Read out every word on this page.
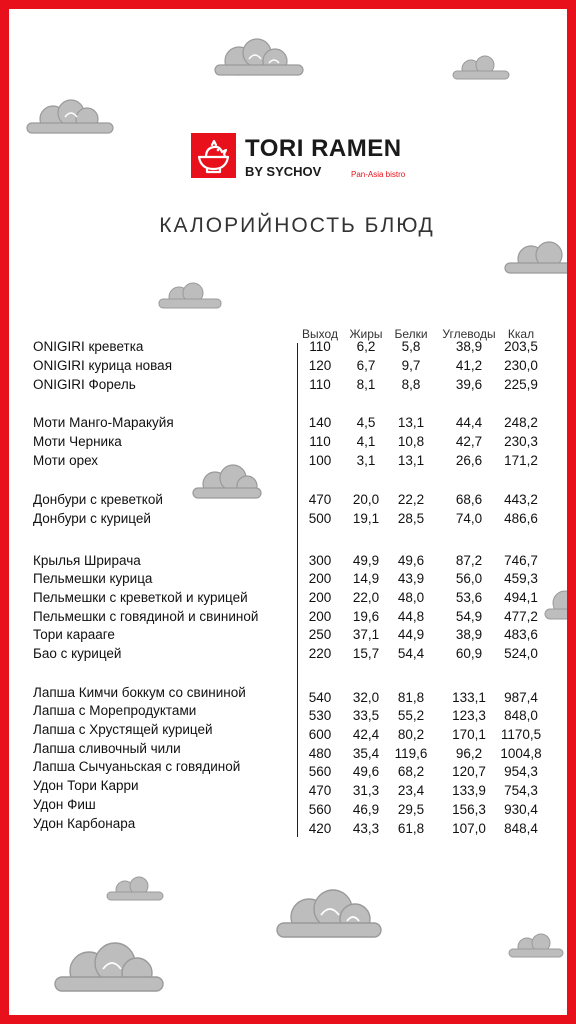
TORI RAMEN
BY SYCHOV	Pan-Asia bistro
КАЛОРИЙНОСТЬ БЛЮД
Выход Жиры Белки Углеводы Ккал
ONIGIRI креветка	110 6,2 5,8	38,9 203,5
ONIGIRI курица новая	120 6,7 9,7	41,2 230,0
ONIGIRI Форель	110 8,1 8,8	39,6 225,9
Моти Манго-Маракуйя	140 4,5 13,1 44,4 248,2
Моти Черника	110 4,1 10,8 42,7 230,3
Моти орех	100 3,1 13,1 26,6 171,2
Донбури с креветкой	470 20,0 22,2 68,6 443,2
Донбури с курицей	500 19,1 28,5 74,0 486,6
Крылья Шрирача	300 49,9 49,6 87,2 746,7
Пельмешки курица	200 14,9 43,9 56,0 459,3
Пельмешки с креветкой и курицей	200 22,0 48,0 53,6 494,1
Пельмешки с говядиной и свининой	200 19,6 44,8 54,9 477,2
Тори карааге	250 37,1 44,9 38,9 483,6
Бао с курицей	220 15,7 54,4 60,9 524,0
Лапша Кимчи боккум со свининой	540 32,0 81,8 133,1 987,4
Лапша с Морепродуктами	530 33,5 55,2 123,3 848,0
Лапша с Хрустящей курицей	600 42,4 80,2 170,1 1170,5
Лапша сливочный чили	480 35,4 119,6 96,2 1004,8
Лапша Сычуаньская с говядиной	560 49,6 68,2 120,7 954,3
Удон Тори Карри	470 31,3 23,4 133,9 754,3
Удон Фиш	560 46,9 29,5 156,3 930,4
Удон Карбонара	420 43,3 61,8 107,0 848,4
